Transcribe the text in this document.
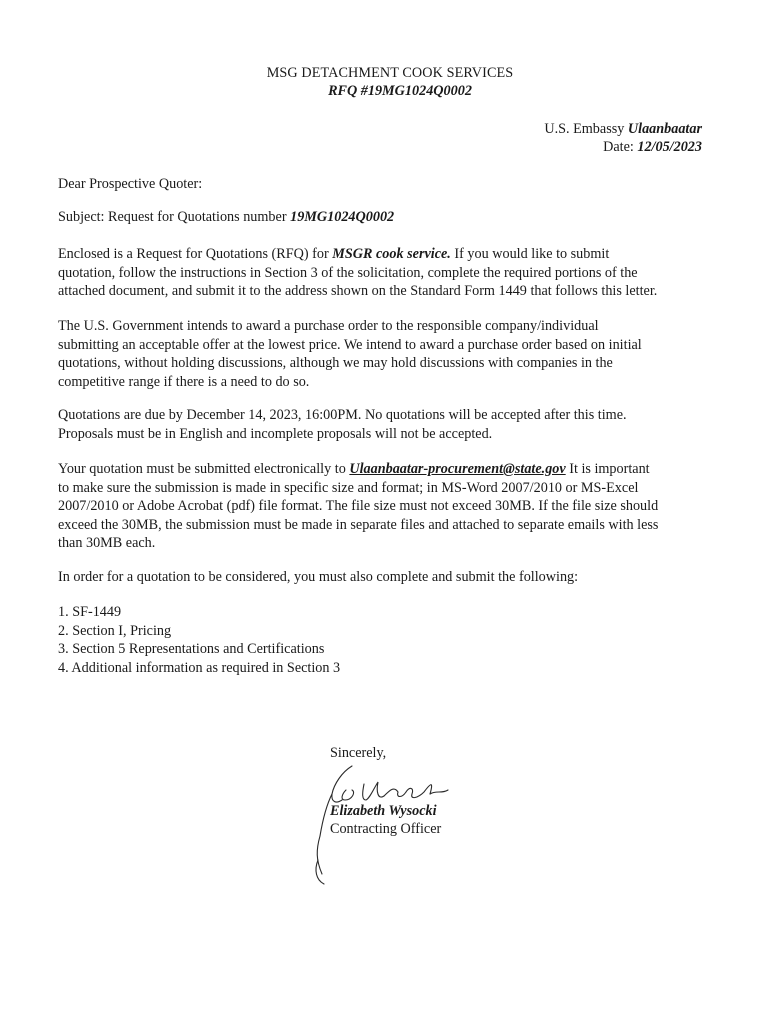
MSG DETACHMENT COOK SERVICES
RFQ #19MG1024Q0002
U.S. Embassy Ulaanbaatar
Date: 12/05/2023
Dear Prospective Quoter:
Subject: Request for Quotations number 19MG1024Q0002
Enclosed is a Request for Quotations (RFQ) for MSGR cook service. If you would like to submit
quotation, follow the instructions in Section 3 of the solicitation, complete the required portions of the
attached document, and submit it to the address shown on the Standard Form 1449 that follows this letter.
The U.S. Government intends to award a purchase order to the responsible company/individual
submitting an acceptable offer at the lowest price. We intend to award a purchase order based on initial
quotations, without holding discussions, although we may hold discussions with companies in the
competitive range if there is a need to do so.
Quotations are due by December 14, 2023, 16:00PM. No quotations will be accepted after this time.
Proposals must be in English and incomplete proposals will not be accepted.
Your quotation must be submitted electronically to Ulaanbaatar-procurement@state.gov It is important
to make sure the submission is made in specific size and format; in MS-Word 2007/2010 or MS-Excel
2007/2010 or Adobe Acrobat (pdf) file format. The file size must not exceed 30MB. If the file size should
exceed the 30MB, the submission must be made in separate files and attached to separate emails with less
than 30MB each.
In order for a quotation to be considered, you must also complete and submit the following:
1. SF-1449
2. Section I, Pricing
3. Section 5 Representations and Certifications
4. Additional information as required in Section 3
Sincerely,
Elizabeth Wysocki
Contracting Officer
